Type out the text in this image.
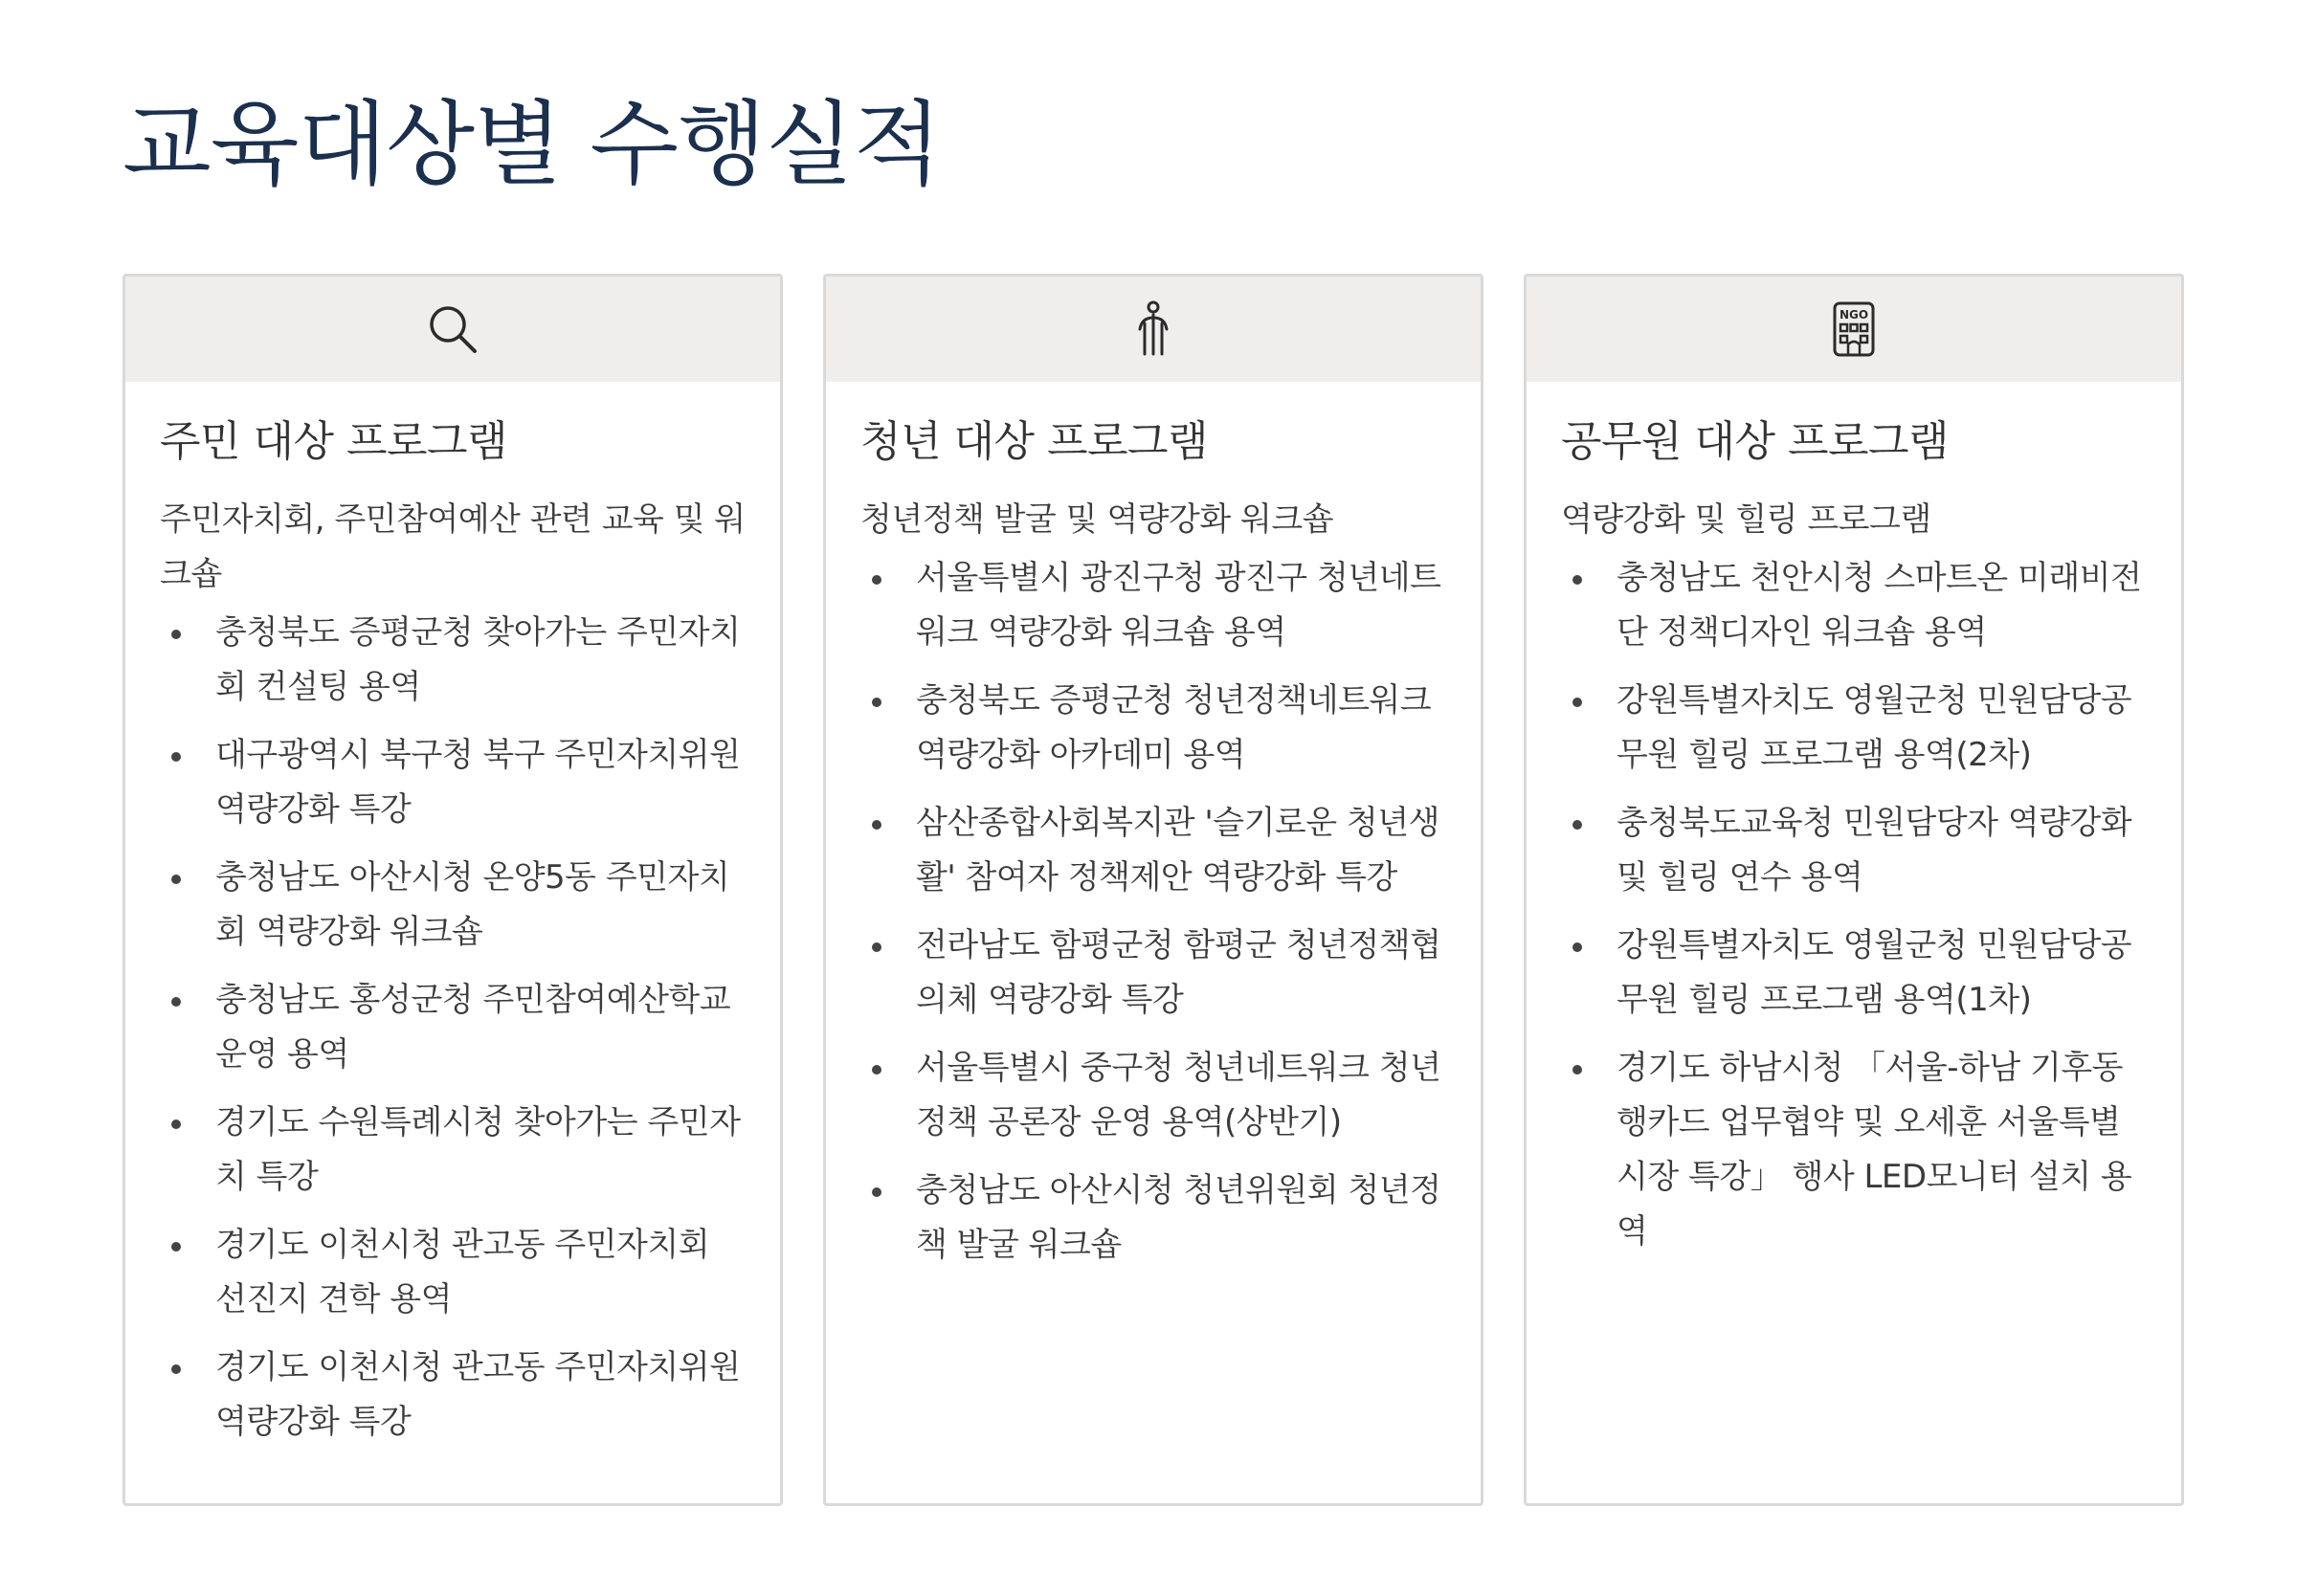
교육대상별 수행실적
주민 대상 프로그램

주민자치회, 주민참여예산 관련 교육 및 워크숍

충청북도 증평군청 찾아가는 주민자치회 컨설팅 용역
대구광역시 북구청 북구 주민자치위원 역량강화 특강
충청남도 아산시청 온양5동 주민자치회 역량강화 워크숍
충청남도 홍성군청 주민참여예산학교 운영 용역
경기도 수원특례시청 찾아가는 주민자치 특강
경기도 이천시청 관고동 주민자치회 선진지 견학 용역
경기도 이천시청 관고동 주민자치위원 역량강화 특강
청년 대상 프로그램

청년정책 발굴 및 역량강화 워크숍

서울특별시 광진구청 광진구 청년네트워크 역량강화 워크숍 용역
충청북도 증평군청 청년정책네트워크 역량강화 아카데미 용역
삼산종합사회복지관 '슬기로운 청년생활' 참여자 정책제안 역량강화 특강
전라남도 함평군청 함평군 청년정책협의체 역량강화 특강
서울특별시 중구청 청년네트워크 청년정책 공론장 운영 용역(상반기)
충청남도 아산시청 청년위원회 청년정책 발굴 워크숍
NGO
공무원 대상 프로그램

역량강화 및 힐링 프로그램

충청남도 천안시청 스마트온 미래비전단 정책디자인 워크숍 용역
강원특별자치도 영월군청 민원담당공무원 힐링 프로그램 용역(2차)
충청북도교육청 민원담당자 역량강화 및 힐링 연수 용역
강원특별자치도 영월군청 민원담당공무원 힐링 프로그램 용역(1차)
경기도 하남시청 「서울-하남 기후동행카드 업무협약 및 오세훈 서울특별시장 특강」 행사 LED모니터 설치 용역
